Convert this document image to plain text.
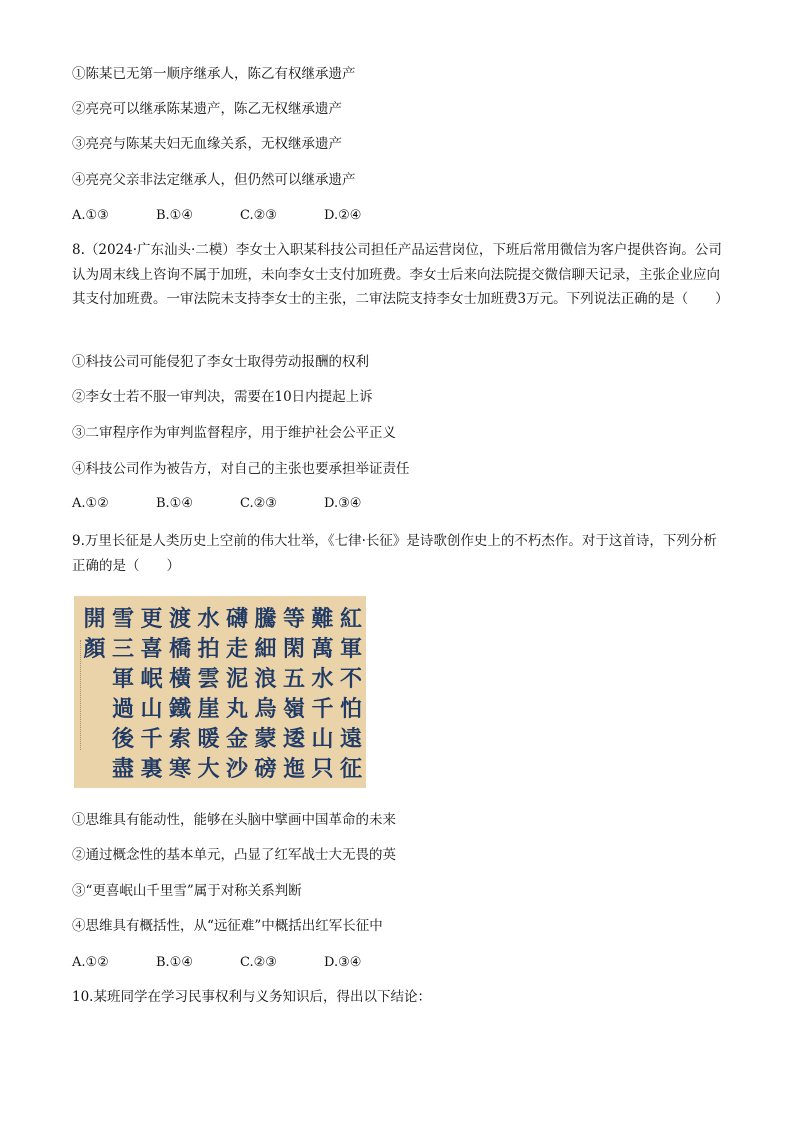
①陈某已无第一顺序继承人，陈乙有权继承遗产
②亮亮可以继承陈某遗产，陈乙无权继承遗产
③亮亮与陈某夫妇无血缘关系，无权继承遗产
④亮亮父亲非法定继承人，但仍然可以继承遗产
A.①③	B.①④	C.②③	D.②④
8.（2024·广东汕头·二模）李女士入职某科技公司担任产品运营岗位，下班后常用微信为客户提供咨询。公司认为周末线上咨询不属于加班，未向李女士支付加班费。李女士后来向法院提交微信聊天记录，主张企业应向其支付加班费。一审法院未支持李女士的主张，二审法院支持李女士加班费3万元。下列说法正确的是（　　）
①科技公司可能侵犯了李女士取得劳动报酬的权利
②李女士若不服一审判决，需要在10日内提起上诉
③二审程序作为审判监督程序，用于维护社会公平正义
④科技公司作为被告方，对自己的主张也要承担举证责任
A.①②	B.①④	C.②③	D.③④
9.万里长征是人类历史上空前的伟大壮举，《七律·长征》是诗歌创作史上的不朽杰作。对于这首诗，下列分析正确的是（　　）
紅
軍
不
怕
遠
征
難
萬
水
千
山
只
等
閑
五
嶺
逶
迤
騰
細
浪
烏
蒙
磅
礴
走
泥
丸
金
沙
水
拍
雲
崖
暖
大
渡
橋
橫
鐵
索
寒
更
喜
岷
山
千
裏
雪
三
軍
過
後
盡
開
顏
①思维具有能动性，能够在头脑中擘画中国革命的未来
②通过概念性的基本单元，凸显了红军战士大无畏的英
③“更喜岷山千里雪”属于对称关系判断
④思维具有概括性，从“远征难”中概括出红军长征中
A.①②	B.①④	C.②③	D.③④
10.某班同学在学习民事权利与义务知识后，得出以下结论：
